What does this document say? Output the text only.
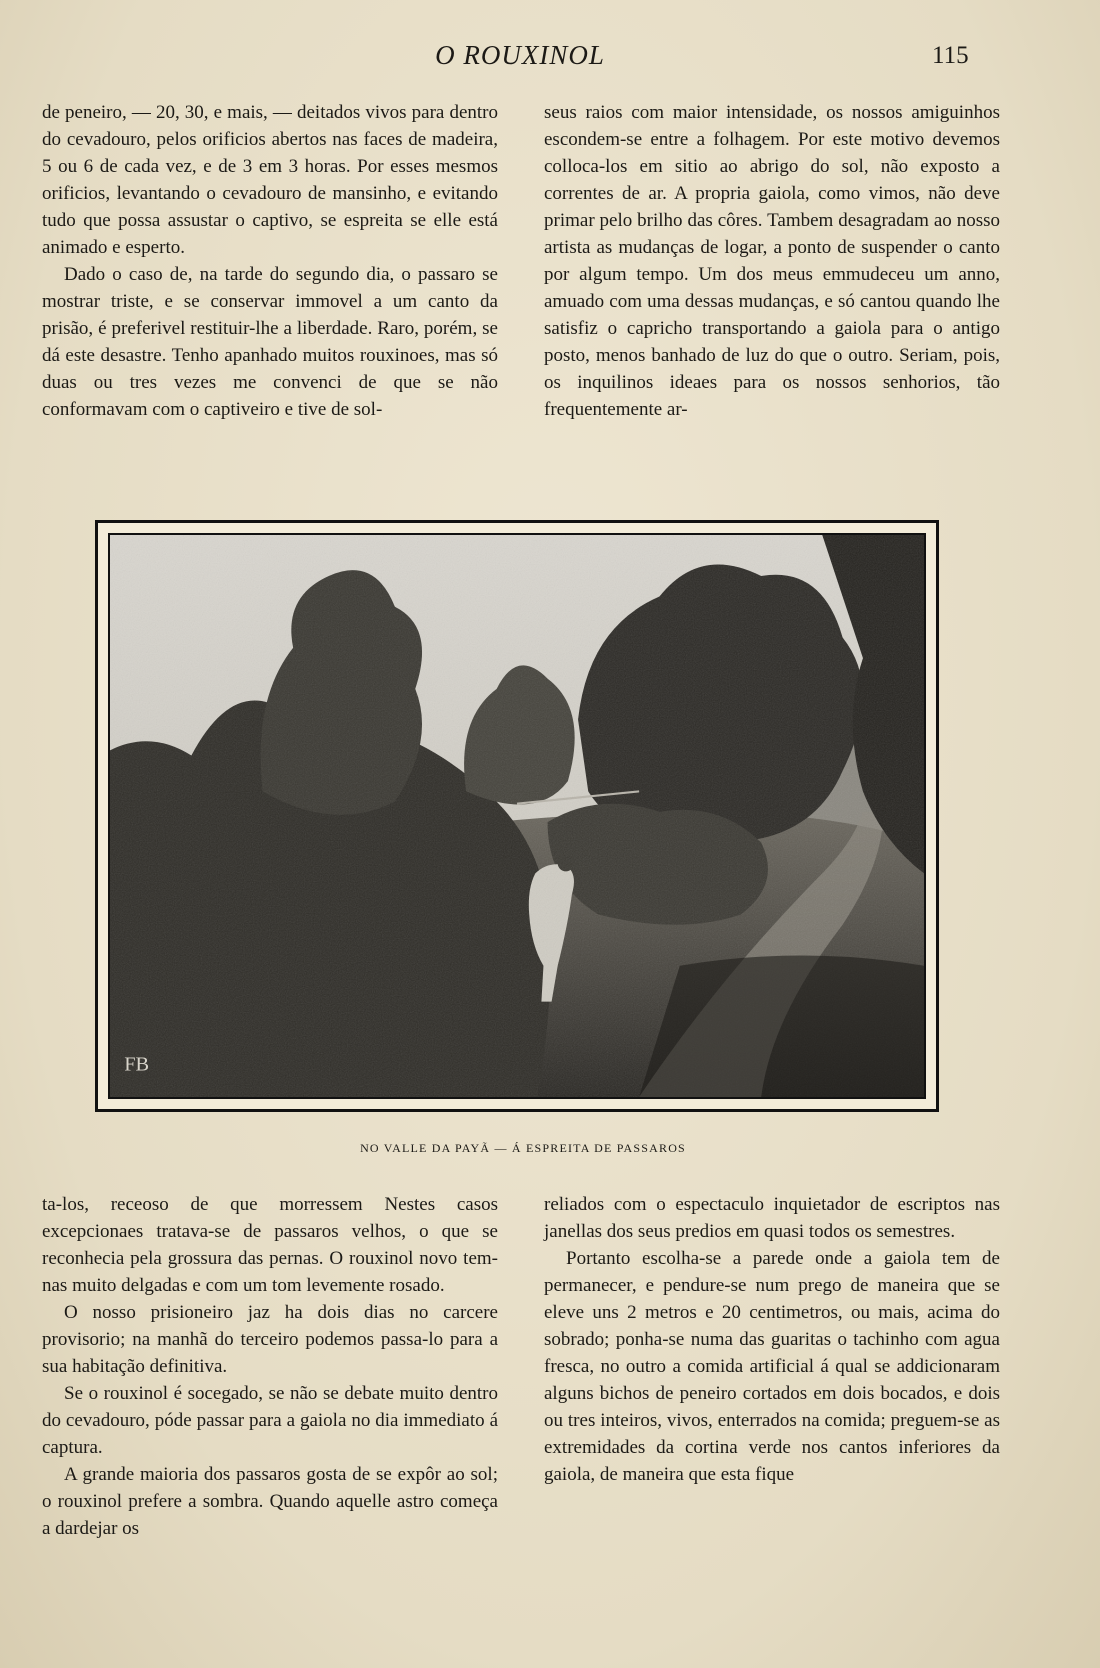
O ROUXINOL	115

de peneiro, — 20, 30, e mais, — deitados vivos para dentro do cevadouro, pelos orificios abertos nas faces de madeira, 5 ou 6 de cada vez, e de 3 em 3 horas. Por esses mesmos orificios, levantando o cevadouro de mansinho, e evitando tudo que possa assustar o captivo, se espreita se elle está animado e esperto.

Dado o caso de, na tarde do segundo dia, o passaro se mostrar triste, e se conservar immovel a um canto da prisão, é preferivel restituir-lhe a liberdade. Raro, porém, se dá este desastre. Tenho apanhado muitos rouxinoes, mas só duas ou tres vezes me convenci de que se não conformavam com o captiveiro e tive de sol-

seus raios com maior intensidade, os nossos amiguinhos escondem-se entre a folhagem. Por este motivo devemos colloca-los em sitio ao abrigo do sol, não exposto a correntes de ar. A propria gaiola, como vimos, não deve primar pelo brilho das côres. Tambem desagradam ao nosso artista as mudanças de logar, a ponto de suspender o canto por algum tempo. Um dos meus emmudeceu um anno, amuado com uma dessas mudanças, e só cantou quando lhe satisfiz o capricho transportando a gaiola para o antigo posto, menos banhado de luz do que o outro. Seriam, pois, os inquilinos ideaes para os nossos senhorios, tão frequentemente ar-

FB
NO VALLE DA PAYÃ — Á ESPREITA DE PASSAROS

ta-los, receoso de que morressem Nestes casos excepcionaes tratava-se de passaros velhos, o que se reconhecia pela grossura das pernas. O rouxinol novo tem-nas muito delgadas e com um tom levemente rosado.

O nosso prisioneiro jaz ha dois dias no carcere provisorio; na manhã do terceiro podemos passa-lo para a sua habitação definitiva.

Se o rouxinol é socegado, se não se debate muito dentro do cevadouro, póde passar para a gaiola no dia immediato á captura.

A grande maioria dos passaros gosta de se expôr ao sol; o rouxinol prefere a sombra. Quando aquelle astro começa a dardejar os

reliados com o espectaculo inquietador de escriptos nas janellas dos seus predios em quasi todos os semestres.

Portanto escolha-se a parede onde a gaiola tem de permanecer, e pendure-se num prego de maneira que se eleve uns 2 metros e 20 centimetros, ou mais, acima do sobrado; ponha-se numa das guaritas o tachinho com agua fresca, no outro a comida artificial á qual se addicionaram alguns bichos de peneiro cortados em dois bocados, e dois ou tres inteiros, vivos, enterrados na comida; preguem-se as extremidades da cortina verde nos cantos inferiores da gaiola, de maneira que esta fique
